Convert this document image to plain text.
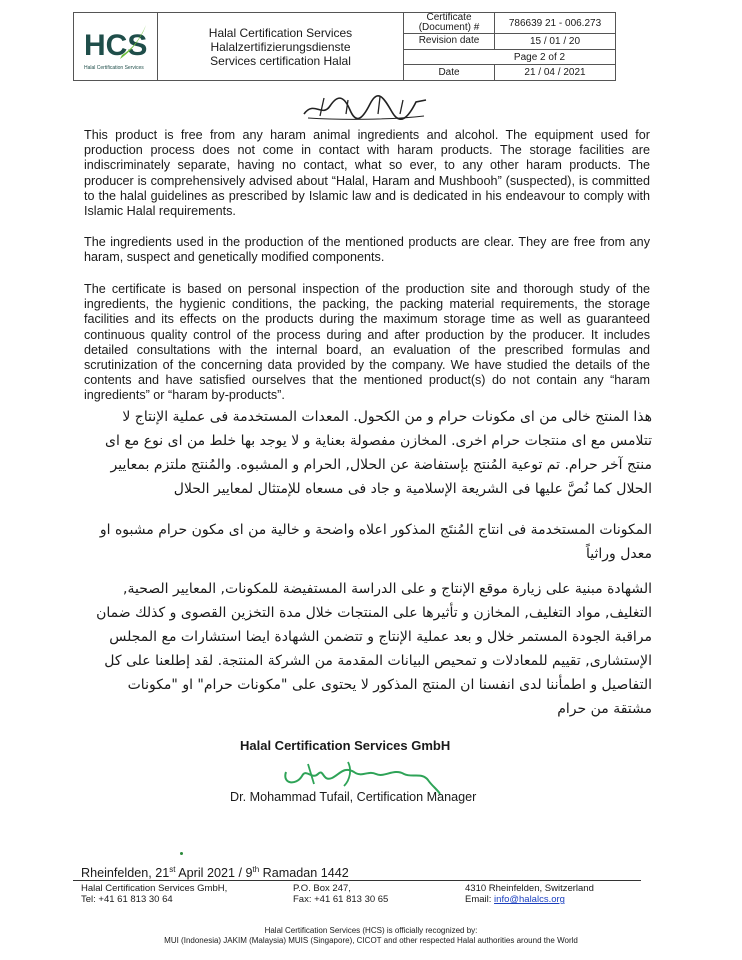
HCS
Halal Certification Services
Halal Certification Services
Halalzertifizierungsdienste
Services certification Halal
Certificate (Document) #	786639 21 - 006.273
Revision date	15 / 01 / 20
Page 2 of 2
Date	21 / 04 / 2021

This product is free from any haram animal ingredients and alcohol. The equipment used for production process does not come in contact with haram products. The storage facilities are indiscriminately separate, having no contact, what so ever, to any other haram products. The producer is comprehensively advised about “Halal, Haram and Mushbooh” (suspected), is committed to the halal guidelines as prescribed by Islamic law and is dedicated in his endeavour to comply with Islamic Halal requirements.

The ingredients used in the production of the mentioned products are clear. They are free from any haram, suspect and genetically modified components.

The certificate is based on personal inspection of the production site and thorough study of the ingredients, the hygienic conditions, the packing, the packing material requirements, the storage facilities and its effects on the products during the maximum storage time as well as guaranteed continuous quality control of the process during and after production by the producer. It includes detailed consultations with the internal board, an evaluation of the prescribed formulas and scrutinization of the concerning data provided by the company. We have studied the details of the contents and have satisfied ourselves that the mentioned product(s) do not contain any “haram ingredients” or “haram by-products”.

هذا المنتج خالى من اى مكونات حرام و من الكحول. المعدات المستخدمة فى عملية الإنتاج لا تتلامس مع اى منتجات حرام اخرى. المخازن مفصولة بعناية و لا يوجد بها خلط من اى نوع مع اى منتج آخر حرام. تم توعية المُنتج بإستفاضة عن الحلال, الحرام و المشبوه. والمُنتج ملتزم بمعايير الحلال كما نُصَّ عليها فى الشريعة الإسلامية و جاد فى مسعاه للإمتثال لمعايير الحلال

المكونات المستخدمة فى انتاج المُنتَج المذكور اعلاه واضحة و خالية من اى مكون حرام مشبوه او معدل وراثياً

الشهادة مبنية على زيارة موقع الإنتاج و على الدراسة المستفيضة للمكونات, المعايير الصحية, التغليف, مواد التغليف, المخازن و تأثيرها على المنتجات خلال مدة التخزين القصوى و كذلك ضمان مراقبة الجودة المستمر خلال و بعد عملية الإنتاج و تتضمن الشهادة ايضا استشارات مع المجلس الإستشارى, تقييم للمعادلات و تمحيص البيانات المقدمة من الشركة المنتجة. لقد إطلعنا على كل التفاصيل و اطمأننا لدى انفسنا ان المنتج المذكور لا يحتوى على "مكونات حرام" او "مكونات مشتقة من حرام

Halal Certification Services GmbH
Dr. Mohammad Tufail, Certification Manager
Rheinfelden, 21st April 2021 / 9th Ramadan 1442
Halal Certification Services GmbH,
Tel: +41 61 813 30 64
P.O. Box 247,
Fax: +41 61 813 30 65
4310 Rheinfelden, Switzerland
Email: info@halalcs.org
Halal Certification Services (HCS) is officially recognized by:
MUI (Indonesia) JAKIM (Malaysia) MUIS (Singapore), CICOT and other respected Halal authorities around the World
